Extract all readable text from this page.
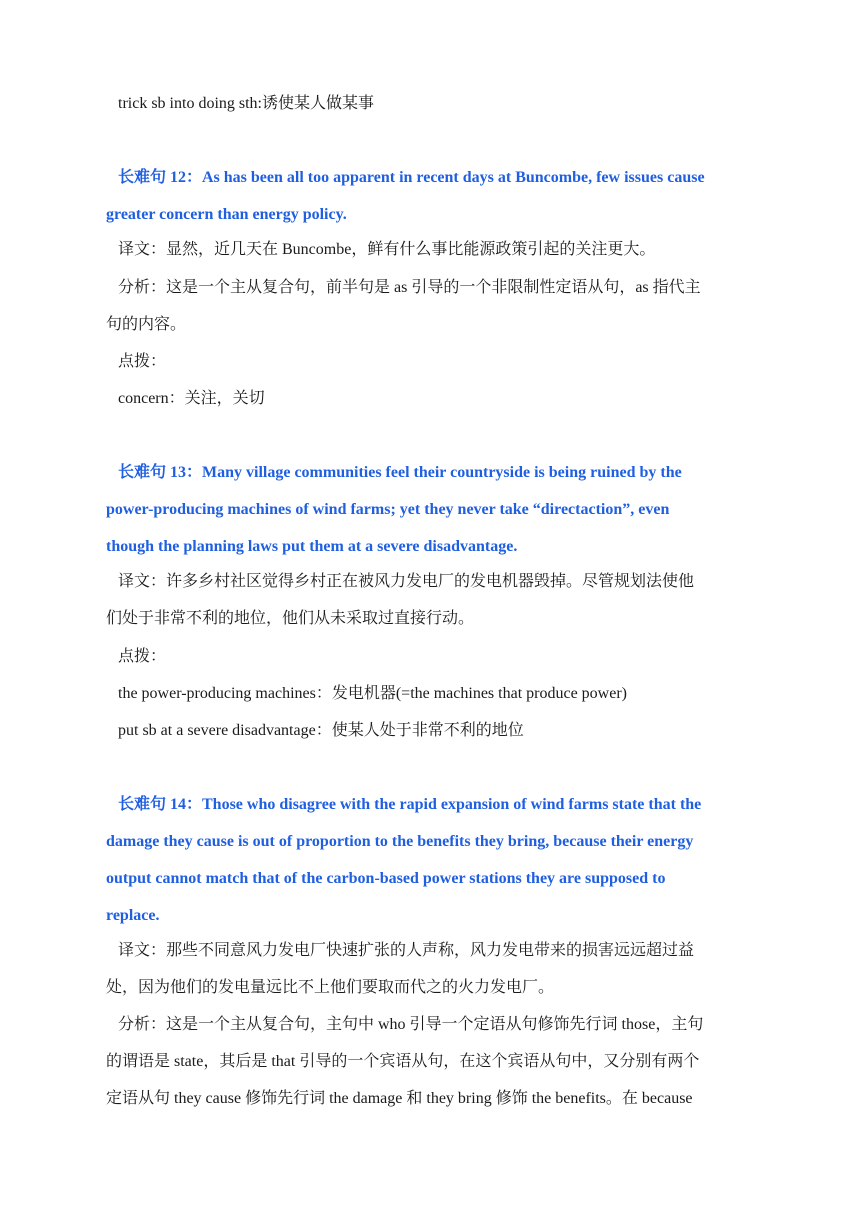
trick sb into doing sth:诱使某人做某事
长难句 12：As has been all too apparent in recent days at Buncombe, few issues cause
greater concern than energy policy.
译文：显然，近几天在 Buncombe，鲜有什么事比能源政策引起的关注更大。
分析：这是一个主从复合句，前半句是 as 引导的一个非限制性定语从句，as 指代主
句的内容。
点拨：
concern：关注，关切
长难句 13：Many village communities feel their countryside is being ruined by the
power-producing machines of wind farms; yet they never take “directaction”, even
though the planning laws put them at a severe disadvantage.
译文：许多乡村社区觉得乡村正在被风力发电厂的发电机器毁掉。尽管规划法使他
们处于非常不利的地位，他们从未采取过直接行动。
点拨：
the power-producing machines：发电机器(=the machines that produce power)
put sb at a severe disadvantage：使某人处于非常不利的地位
长难句 14：Those who disagree with the rapid expansion of wind farms state that the
damage they cause is out of proportion to the benefits they bring, because their energy
output cannot match that of the carbon-based power stations they are supposed to
replace.
译文：那些不同意风力发电厂快速扩张的人声称，风力发电带来的损害远远超过益
处，因为他们的发电量远比不上他们要取而代之的火力发电厂。
分析：这是一个主从复合句，主句中 who 引导一个定语从句修饰先行词 those，主句
的谓语是 state，其后是 that 引导的一个宾语从句，在这个宾语从句中，又分别有两个
定语从句 they cause 修饰先行词 the damage 和 they bring 修饰 the benefits。在 because
